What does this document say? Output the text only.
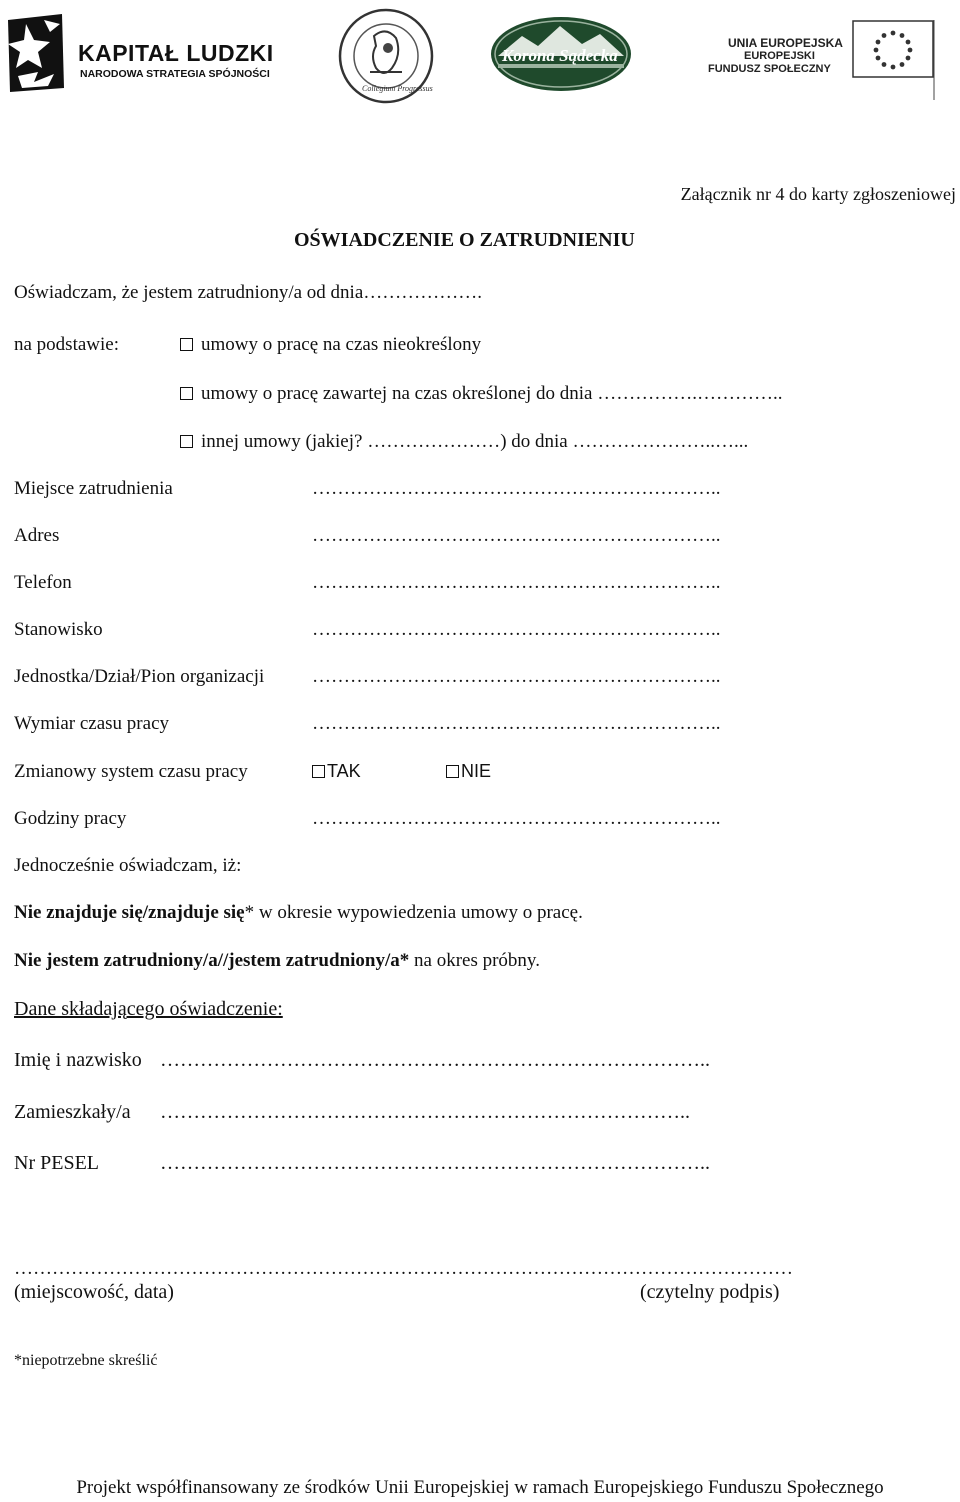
KAPITAŁ LUDZKI
NARODOWA STRATEGIA SPÓJNOŚCI
Collegium Progressus
Korona Sądecka
UNIA EUROPEJSKA
EUROPEJSKI
FUNDUSZ SPOŁECZNY
Załącznik nr 4 do karty zgłoszeniowej
OŚWIADCZENIE O ZATRUDNIENIU
Oświadczam, że jestem zatrudniony/a od dnia……………….
na podstawie:	umowy o pracę na czas nieokreślony
umowy o pracę zawartej na czas określonej do dnia …………….…………..
innej umowy (jakiej? …………………) do dnia …………………..…...
Miejsce zatrudnienia	………………………………………………………..
Adres	………………………………………………………..
Telefon	………………………………………………………..
Stanowisko	………………………………………………………..
Jednostka/Dział/Pion organizacji	………………………………………………………..
Wymiar czasu pracy	………………………………………………………..
Zmianowy system czasu pracy	TAK	NIE
Godziny pracy	………………………………………………………..
Jednocześnie oświadczam, iż:
Nie znajduje się/znajduje się* w okresie wypowiedzenia umowy o pracę.
Nie jestem zatrudniony/a//jestem zatrudniony/a* na okres próbny.
Dane składającego oświadczenie:
Imię i nazwisko ………………………………………………………………………..
Zamieszkały/a ……………………………………………………………………..
Nr PESEL	………………………………………………………………………..
……………………………………………………………………………………………………………
(miejscowość, data)	(czytelny podpis)
*niepotrzebne skreślić
Projekt współfinansowany ze środków Unii Europejskiej w ramach Europejskiego Funduszu Społecznego
